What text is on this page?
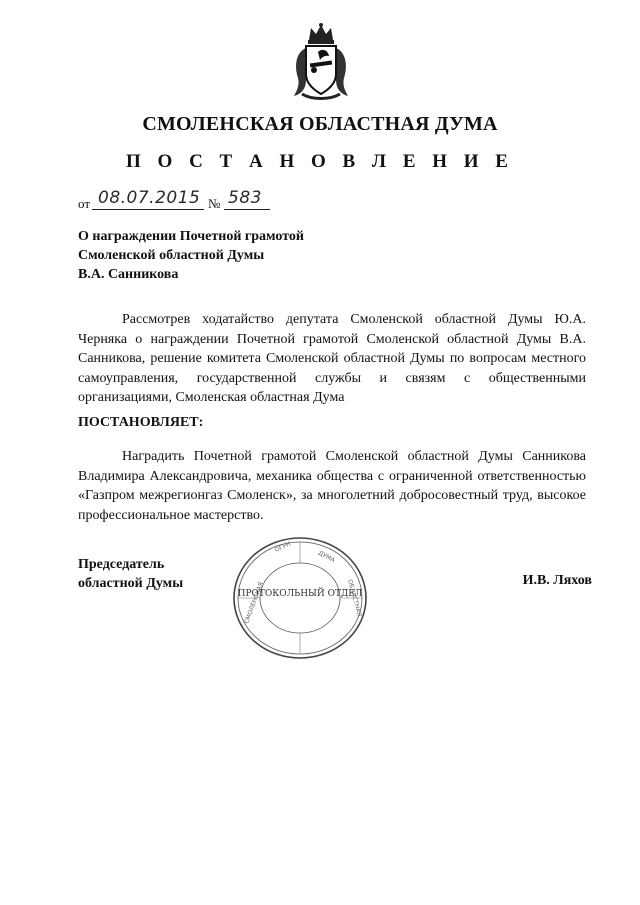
СМОЛЕНСКАЯ ОБЛАСТНАЯ ДУМА
П О С Т А Н О В Л Е Н И Е
от 08.07.2015 № 583
О награждении Почетной грамотой
Смоленской областной Думы
В.А. Санникова
Рассмотрев ходатайство депутата Смоленской областной Думы Ю.А. Черняка о награждении Почетной грамотой Смоленской областной Думы В.А. Санникова, решение комитета Смоленской областной Думы по вопросам местного самоуправления, государственной службы и связям с общественными организациями, Смоленская областная Дума
ПОСТАНОВЛЯЕТ:
Наградить Почетной грамотой Смоленской областной Думы Санникова Владимира Александровича, механика общества с ограниченной ответственностью «Газпром межрегионгаз Смоленск», за многолетний добросовестный труд, высокое профессиональное мастерство.
Председатель
областной Думы
ОГРН
ДУМА
СМОЛЕНСКАЯ	ОБЛАСТНАЯ
ПРОТОКОЛЬНЫЙ ОТДЕЛ
И.В. Ляхов
